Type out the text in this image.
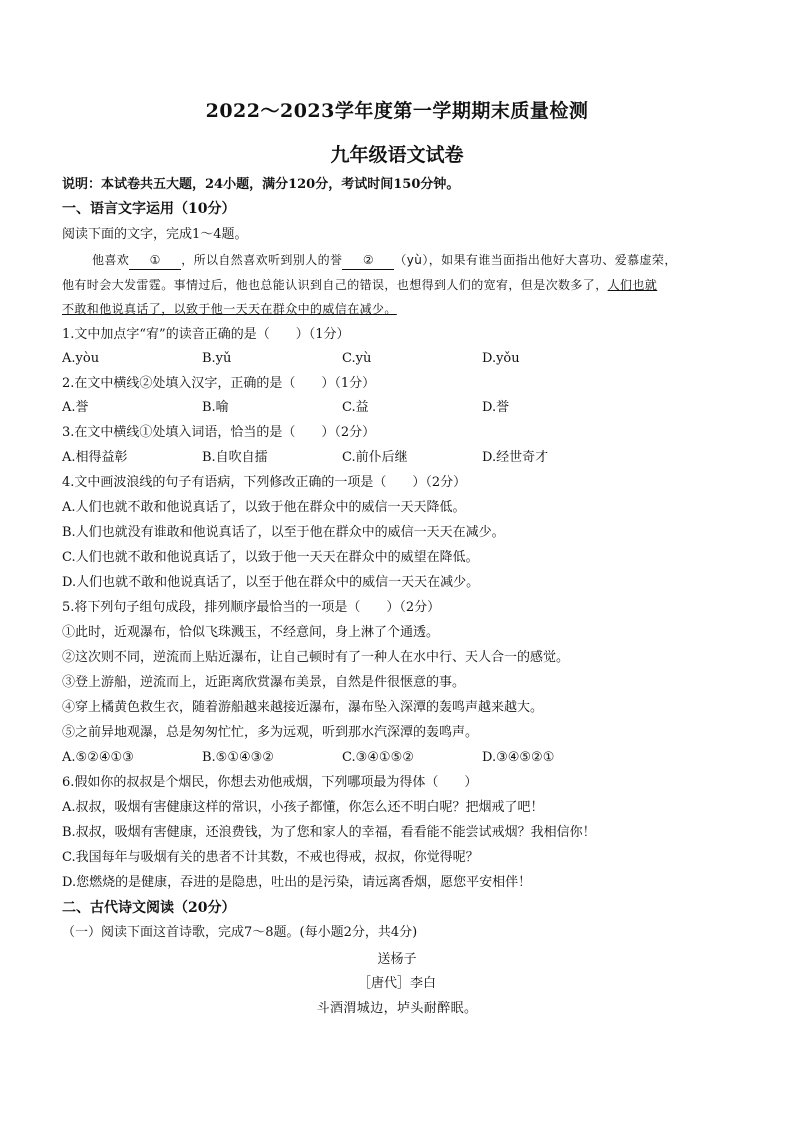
2022～2023学年度第一学期期末质量检测
九年级语文试卷
说明：本试卷共五大题，24小题，满分120分，考试时间150分钟。
一、语言文字运用（10分）
阅读下面的文字，完成1～4题。
他喜欢 ① ，所以自然喜欢听到别人的誉 ② （yù），如果有谁当面指出他好大喜功、爱慕虚荣，
他有时会大发雷霆。事情过后，他也总能认识到自己的错误，也想得到人们的宽宥，但是次数多了，人们也就
不敢和他说真话了，以致于他一天天在群众中的威信在减少。
1.文中加点字“宥”的读音正确的是（　　）（1分）
A.yòu	B.yǔ	C.yù	D.yǒu
2.在文中横线②处填入汉字，正确的是（　　）（1分）
A.誉	B.喻	C.益	D.誉
3.在文中横线①处填入词语，恰当的是（　　）（2分）
A.相得益彰	B.自吹自擂	C.前仆后继	D.经世奇才
4.文中画波浪线的句子有语病，下列修改正确的一项是（　　）（2分）
A.人们也就不敢和他说真话了，以致于他在群众中的威信一天天降低。
B.人们也就没有谁敢和他说真话了，以至于他在群众中的威信一天天在减少。
C.人们也就不敢和他说真话了，以致于他一天天在群众中的威望在降低。
D.人们也就不敢和他说真话了，以至于他在群众中的威信一天天在减少。
5.将下列句子组句成段，排列顺序最恰当的一项是（　　）（2分）
①此时，近观瀑布，恰似飞珠溅玉，不经意间，身上淋了个通透。
②这次则不同，逆流而上贴近瀑布，让自己顿时有了一种人在水中行、天人合一的感觉。
③登上游船，逆流而上，近距离欣赏瀑布美景，自然是件很惬意的事。
④穿上橘黄色救生衣，随着游船越来越接近瀑布，瀑布坠入深潭的轰鸣声越来越大。
⑤之前异地观瀑，总是匆匆忙忙，多为远观，听到那水汽深潭的轰鸣声。
A.⑤②④①③	B.⑤①④③②	C.③④①⑤②	D.③④⑤②①
6.假如你的叔叔是个烟民，你想去劝他戒烟，下列哪项最为得体（　　）
A.叔叔，吸烟有害健康这样的常识，小孩子都懂，你怎么还不明白呢？把烟戒了吧！
B.叔叔，吸烟有害健康，还浪费钱，为了您和家人的幸福，看看能不能尝试戒烟？我相信你！
C.我国每年与吸烟有关的患者不计其数，不戒也得戒，叔叔，你觉得呢？
D.您燃烧的是健康，吞进的是隐患，吐出的是污染，请远离香烟，愿您平安相伴！
二、古代诗文阅读（20分）
（一）阅读下面这首诗歌，完成7～8题。(每小题2分，共4分)
送杨子
［唐代］李白
斗酒渭城边，垆头耐醉眠。
